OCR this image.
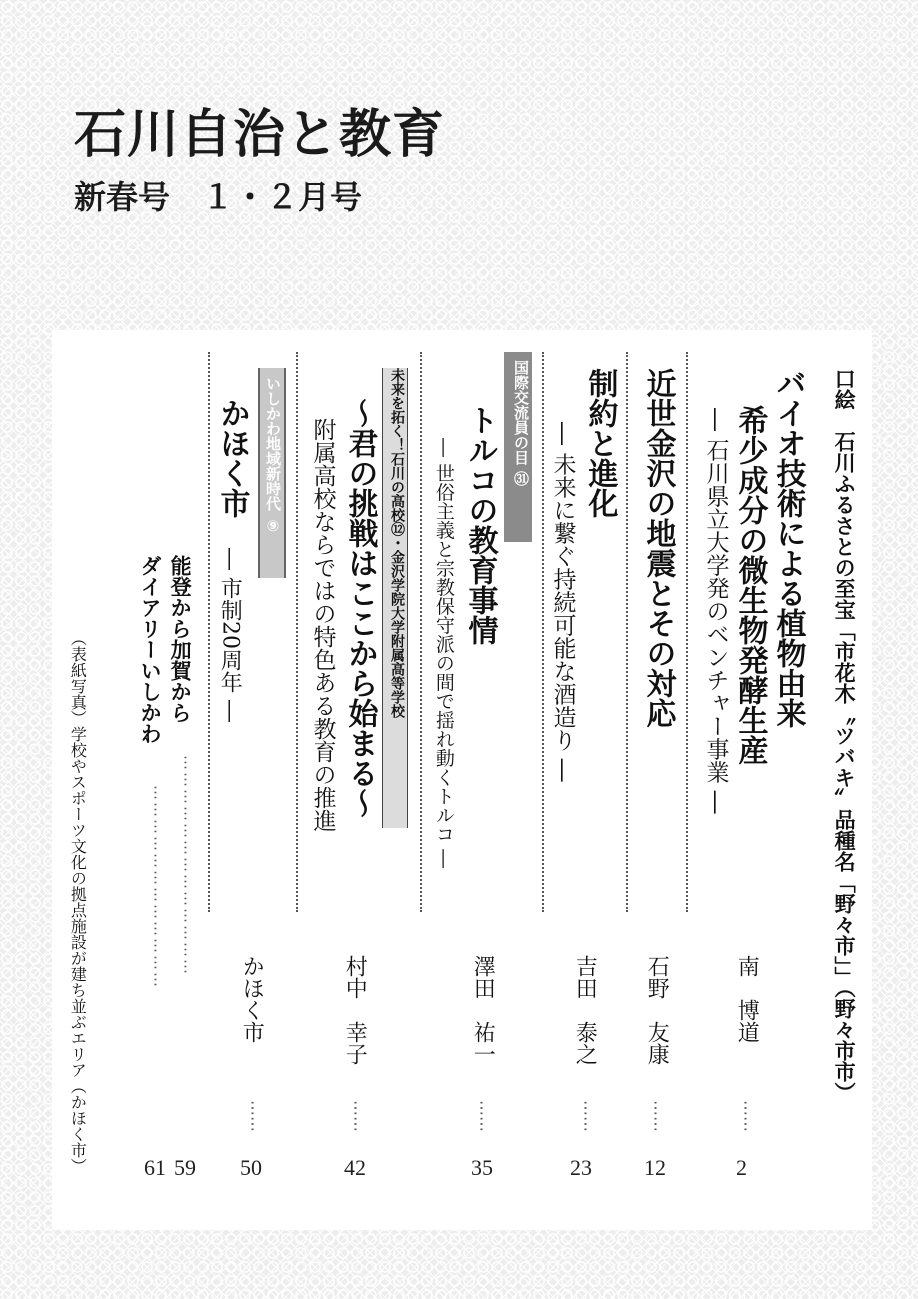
石川自治と教育

新春号　１・２月号

口絵　石川ふるさとの至宝「市花木〝ツバキ〟品種名「野々市」」（野々市市）
バイオ技術による植物由来
希少成分の微生物発酵生産
― 石川県立大学発のベンチャー事業 ―
南　博道
……
2
近世金沢の地震とその対応
石野　友康
……
12
制約と進化
― 未来に繋ぐ持続可能な酒造り ―
吉田　泰之
……
23
国際交流員の目㉛
トルコの教育事情
― 世俗主義と宗教保守派の間で揺れ動くトルコ ―
澤田　祐一
……
35
未来を拓く！石川の高校⑫・金沢学院大学附属高等学校
～君の挑戦はここから始まる～
附属高校ならではの特色ある教育の推進
村中　幸子
……
42
いしかわ地域新時代⑨
かほく市
― 市制20周年 ―
かほく市
……
50
能登から加賀から
…………………………………
59
ダイアリーいしかわ
………………………………
61
（表紙写真）学校やスポーツ文化の拠点施設が建ち並ぶエリア（かほく市）
